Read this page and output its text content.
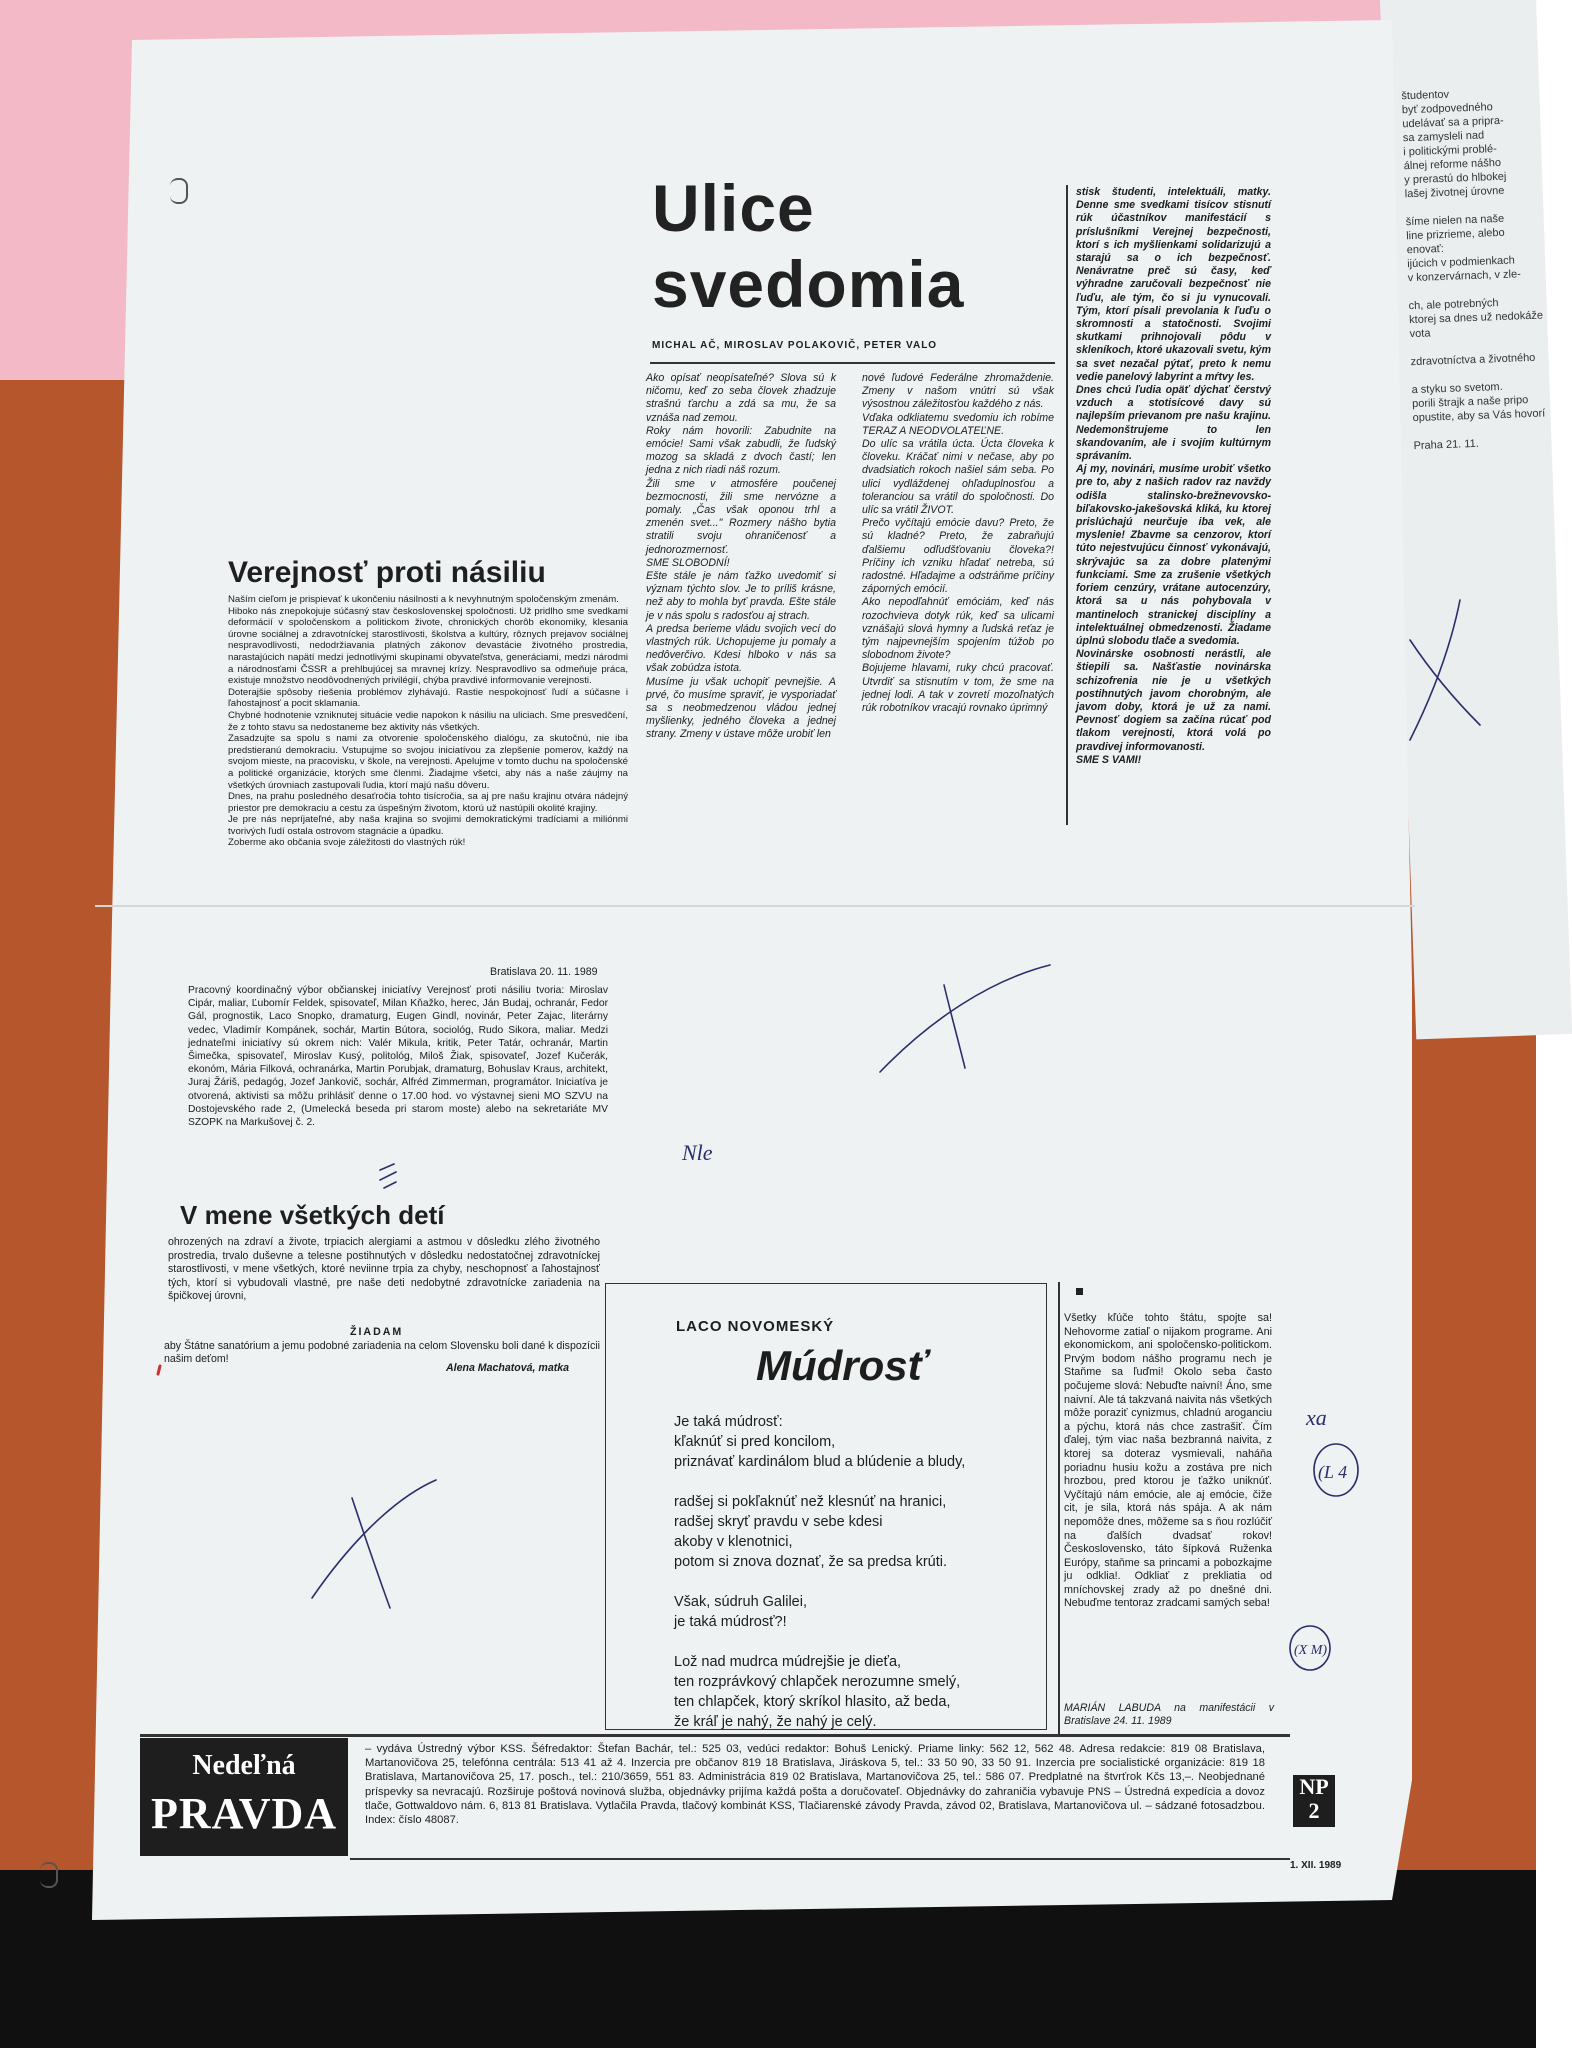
študentov
byť zodpovedného
udelávať sa a pripra-
sa zamysleli nad
i politickými problé-
álnej reforme nášho
y prerastú do hlbokej
lašej životnej úrovne

šíme nielen na naše
line prizrieme, alebo
enovať:
ijúcich v podmienkach
v konzervárnach, v zle-

ch, ale potrebných
ktorej sa dnes už nedokáže
vota

zdravotníctva a životného

a styku so svetom.
porili štrajk a naše pripo
opustite, aby sa Vás hovorí

Praha 21. 11.

Ulice
svedomia
MICHAL AČ, MIROSLAV POLAKOVIČ, PETER VALO
Ako opísať neopísateľné? Slova sú k ničomu, keď zo seba človek zhadzuje strašnú ťarchu a zdá sa mu, že sa vznáša nad zemou.
Roky nám hovorili: Zabudnite na emócie! Sami však zabudli, že ľudský mozog sa skladá z dvoch častí; len jedna z nich riadi náš rozum.
Žili sme v atmosfére poučenej bezmocnosti, žili sme nervózne a pomaly. „Čas však oponou trhl a zmenén svet..." Rozmery nášho bytia stratili svoju ohraničenosť a jednorozmernosť.
SME SLOBODNÍ!
Ešte stále je nám ťažko uvedomiť si význam týchto slov. Je to príliš krásne, než aby to mohla byť pravda. Ešte stále je v nás spolu s radosťou aj strach.
A predsa berieme vládu svojich vecí do vlastných rúk. Uchopujeme ju pomaly a nedôverčivo. Kdesi hlboko v nás sa však zobúdza istota.
Musíme ju však uchopiť pevnejšie. A prvé, čo musíme spraviť, je vysporiadať sa s neobmedzenou vládou jednej myšlienky, jedného človeka a jednej strany. Zmeny v ústave môže urobiť len
nové ľudové Federálne zhromaždenie. Zmeny v našom vnútri sú však výsostnou záležitosťou každého z nás.
Vďaka odkliatemu svedomiu ich robíme TERAZ A NEODVOLATEĽNE.
Do ulíc sa vrátila úcta. Úcta človeka k človeku. Kráčať nimi v nečase, aby po dvadsiatich rokoch našiel sám seba. Po ulici vydláždenej ohľaduplnosťou a toleranciou sa vrátil do spoločnosti. Do ulíc sa vrátil ŽIVOT.
Prečo vyčítajú emócie davu? Preto, že sú kladné? Preto, že zabraňujú ďalšiemu odľudšťovaniu človeka?! Príčiny ich vzniku hľadať netreba, sú radostné. Hľadajme a odstráňme príčiny záporných emócií.
Ako nepodľahnúť emóciám, keď nás rozochvieva dotyk rúk, keď sa ulicami vznášajú slová hymny a ľudská reťaz je tým najpevnejším spojením túžob po slobodnom živote?
Bojujeme hlavami, ruky chcú pracovať. Utvrdiť sa stisnutím v tom, že sme na jednej lodi. A tak v zovretí mozoľnatých rúk robotníkov vracajú rovnako úprimný
stisk študenti, intelektuáli, matky. Denne sme svedkami tisícov stisnutí rúk účastníkov manifestácií s príslušníkmi Verejnej bezpečnosti, ktorí s ich myšlienkami solidarizujú a starajú sa o ich bezpečnosť. Nenávratne preč sú časy, keď výhradne zaručovali bezpečnosť nie ľuďu, ale tým, čo si ju vynucovali. Tým, ktorí písali prevolania k ľuďu o skromnosti a statočnosti. Svojimi skutkami prihnojovali pôdu v skleníkoch, ktoré ukazovali svetu, kým sa svet nezačal pýtať, preto k nemu vedie panelový labyrint a mŕtvy les.
Dnes chcú ľudia opäť dýchať čerstvý vzduch a stotisícové davy sú najlepším prievanom pre našu krajinu. Nedemonštrujeme to len skandovaním, ale i svojím kultúrnym správaním.
Aj my, novinári, musíme urobiť všetko pre to, aby z našich radov raz navždy odišla stalinsko-brežnevovsko-biľakovsko-jakešovská kliká, ku ktorej prislúchajú neurčuje iba vek, ale myslenie! Zbavme sa cenzorov, ktorí túto nejestvujúcu činnosť vykonávajú, skrývajúc sa za dobre platenými funkciami. Sme za zrušenie všetkých foriem cenzúry, vrátane autocenzúry, ktorá sa u nás pohybovala v mantineloch stranickej disciplíny a intelektuálnej obmedzenosti. Žiadame úplnú slobodu tlače a svedomia.
Novinárske osobnosti nerástli, ale štiepili sa. Našťastie novinárska schizofrenia nie je u všetkých postihnutých javom chorobným, ale javom doby, ktorá je už za nami. Pevnosť dogiem sa začína rúcať pod tlakom verejnosti, ktorá volá po pravdivej informovanosti.
SME S VAMI!
Verejnosť proti násiliu
Naším cieľom je prispievať k ukončeniu násilnosti a k nevyhnutným spoločenským zmenám.
Hiboko nás znepokojuje súčasný stav československej spoločnosti. Už pridlho sme svedkami deformácií v spoločenskom a politickom živote, chronických chorôb ekonomiky, klesania úrovne sociálnej a zdravotníckej starostlivosti, školstva a kultúry, rôznych prejavov sociálnej nespravodlivosti, nedodržiavania platných zákonov devastácie životného prostredia, narastajúcich napätí medzi jednotlivými skupinami obyvateľstva, generáciami, medzi národmi a národnosťami ČSSR a prehlbujúcej sa mravnej krízy. Nespravodlivo sa odmeňuje práca, existuje množstvo neodôvodnených privilégií, chýba pravdivé informovanie verejnosti.
Doterajšie spôsoby riešenia problémov zlyhávajú. Rastie nespokojnosť ľudí a súčasne i ľahostajnosť a pocit sklamania.
Chybné hodnotenie vzniknutej situácie vedie napokon k násiliu na uliciach. Sme presvedčení, že z tohto stavu sa nedostaneme bez aktivity nás všetkých.
Zasadzujte sa spolu s nami za otvorenie spoločenského dialógu, za skutočnú, nie iba predstieranú demokraciu. Vstupujme so svojou iniciatívou za zlepšenie pomerov, každý na svojom mieste, na pracovisku, v škole, na verejnosti. Apelujme v tomto duchu na spoločenské a politické organizácie, ktorých sme členmi. Žiadajme všetci, aby nás a naše záujmy na všetkých úrovniach zastupovali ľudia, ktorí majú našu dôveru.
Dnes, na prahu posledného desaťročia tohto tisícročia, sa aj pre našu krajinu otvára nádejný priestor pre demokraciu a cestu za úspešným životom, ktorú už nastúpili okolité krajiny.
Je pre nás nepríjateľné, aby naša krajina so svojimi demokratickými tradíciami a miliónmi tvorivých ľudí ostala ostrovom stagnácie a úpadku.
Zoberme ako občania svoje záležitosti do vlastných rúk!
Bratislava 20. 11. 1989
Pracovný koordinačný výbor občianskej iniciatívy Verejnosť proti násiliu tvoria: Miroslav Cipár, maliar, Ľubomír Feldek, spisovateľ, Milan Kňažko, herec, Ján Budaj, ochranár, Fedor Gál, prognostik, Laco Snopko, dramaturg, Eugen Gindl, novinár, Peter Zajac, literárny vedec, Vladimír Kompánek, sochár, Martin Bútora, sociológ, Rudo Sikora, maliar. Medzi jednateľmi iniciatívy sú okrem nich: Valér Mikula, kritik, Peter Tatár, ochranár, Martin Šimečka, spisovateľ, Miroslav Kusý, politológ, Miloš Žiak, spisovateľ, Jozef Kučerák, ekonóm, Mária Filková, ochranárka, Martin Porubjak, dramaturg, Bohuslav Kraus, architekt, Juraj Žáriš, pedagóg, Jozef Jankovič, sochár, Alfréd Zimmerman, programátor. Iniciatíva je otvorená, aktivisti sa môžu prihlásiť denne o 17.00 hod. vo výstavnej sieni MO SZVU na Dostojevského rade 2, (Umelecká beseda pri starom moste) alebo na sekretariáte MV SZOPK na Markušovej č. 2.
V mene všetkých detí
ohrozených na zdraví a živote, trpiacich alergiami a astmou v dôsledku zlého životného prostredia, trvalo duševne a telesne postihnutých v dôsledku nedostatočnej zdravotníckej starostlivosti, v mene všetkých, ktoré neviinne trpia za chyby, neschopnosť a ľahostajnosť tých, ktorí si vybudovali vlastné, pre naše deti nedobytné zdravotnícke zariadenia na špičkovej úrovni,
ŽIADAM
aby Štátne sanatórium a jemu podobné zariadenia na celom Slovensku boli dané k dispozícii našim deťom!
Alena Machatová, matka
LACO NOVOMESKÝ
Múdrosť
Je taká múdrosť:
kľaknúť si pred koncilom,
priznávať kardinálom blud a blúdenie a bludy,

radšej si pokľaknúť než klesnúť na hranici,
radšej skryť pravdu v sebe kdesi
akoby v klenotnici,
potom si znova doznať, že sa predsa krúti.

Však, súdruh Galilei,
je taká múdrosť?!

Lož nad mudrca múdrejšie je dieťa,
ten rozprávkový chlapček nerozumne smelý,
ten chlapček, ktorý skríkol hlasito, až beda,
že kráľ je nahý, že nahý je celý.
Všetky kľúče tohto štátu, spojte sa! Nehovorme zatiaľ o nijakom programe. Ani ekonomickom, ani spoločensko-politickom. Prvým bodom nášho programu nech je Staňme sa ľuďmi! Okolo seba často počujeme slová: Nebuďte naivní! Áno, sme naivní. Ale tá takzvaná naivita nás všetkých môže poraziť cynizmus, chladnú aroganciu a pýchu, ktorá nás chce zastrašiť. Čím ďalej, tým viac naša bezbranná naivita, z ktorej sa doteraz vysmievali, naháňa poriadnu husiu kožu a zostáva pre nich hrozbou, pred ktorou je ťažko uniknúť. Vyčítajú nám emócie, ale aj emócie, čiže cit, je sila, ktorá nás spája. A ak nám nepomôže dnes, môžeme sa s ňou rozlúčiť na ďalších dvadsať rokov! Československo, táto šípková Ruženka Európy, staňme sa princami a pobozkajme ju odklia!. Odkliať z prekliatia od mníchovskej zrady až po dnešné dni. Nebuďme tentoraz zradcami samých seba!
MARIÁN LABUDA na manifestácii v Bratislave 24. 11. 1989
Nedeľná
PRAVDA
– vydáva Ústredný výbor KSS. Šéfredaktor: Štefan Bachár, tel.: 525 03, vedúci redaktor: Bohuš Lenický. Priame linky: 562 12, 562 48. Adresa redakcie: 819 08 Bratislava, Martanovičova 25, telefónna centrála: 513 41 až 4. Inzercia pre občanov 819 18 Bratislava, Jiráskova 5, tel.: 33 50 90, 33 50 91. Inzercia pre socialistické organizácie: 819 18 Bratislava, Martanovičova 25, 17. posch., tel.: 210/3659, 551 83. Administrácia 819 02 Bratislava, Martanovičova 25, tel.: 586 07. Predplatné na štvrťrok Kčs 13,–. Neobjednané príspevky sa nevracajú. Rozširuje poštová novinová služba, objednávky prijíma každá pošta a doručovateľ. Objednávky do zahraničia vybavuje PNS – Ústredná expedícia a dovoz tlače, Gottwaldovo nám. 6, 813 81 Bratislava. Vytlačila Pravda, tlačový kombinát KSS, Tlačiarenské závody Pravda, závod 02, Bratislava, Martanovičova ul. – sádzané fotosadzbou. Index: číslo 48087.
NP
2
1. XII. 1989
Nle
xa
(L 4
(X M)
